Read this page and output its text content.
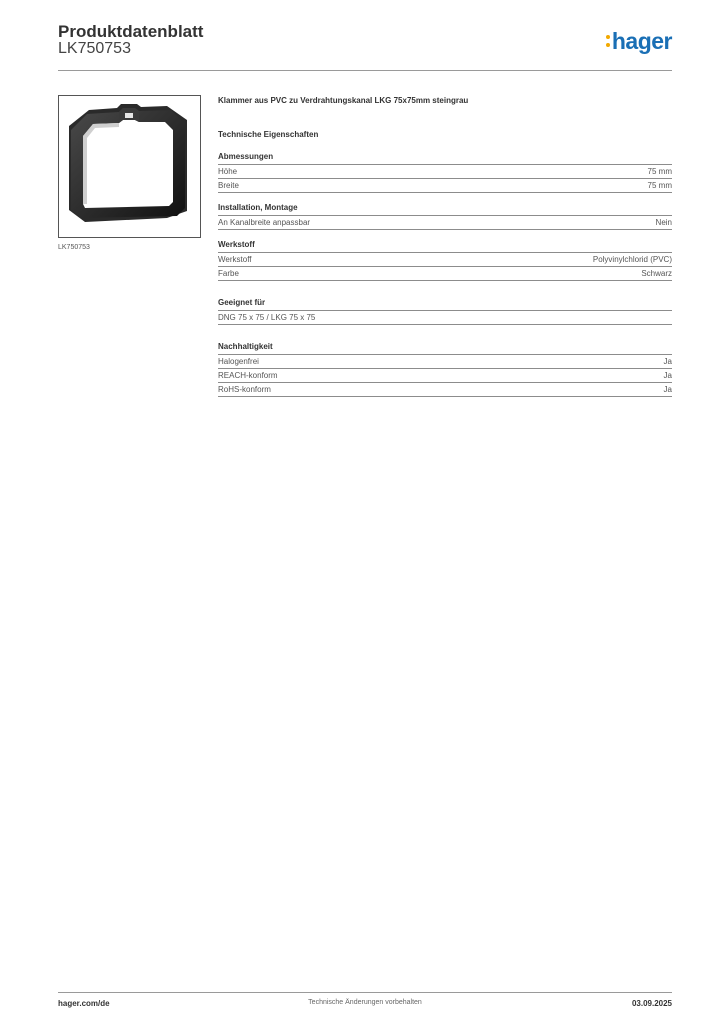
Produktdatenblatt
LK750753	hager
LK750753

Klammer aus PVC zu Verdrahtungskanal LKG 75x75mm steingrau

Technische Eigenschaften
Abmessungen
Höhe	75 mm
Breite	75 mm
Installation, Montage
An Kanalbreite anpassbar	Nein
Werkstoff
Werkstoff	Polyvinylchlorid (PVC)
Farbe	Schwarz
Geeignet für
DNG 75 x 75 / LKG 75 x 75
Nachhaltigkeit
Halogenfrei	Ja
REACH-konform	Ja
RoHS-konform	Ja
hager.com/de	Technische Änderungen vorbehalten	03.09.2025
